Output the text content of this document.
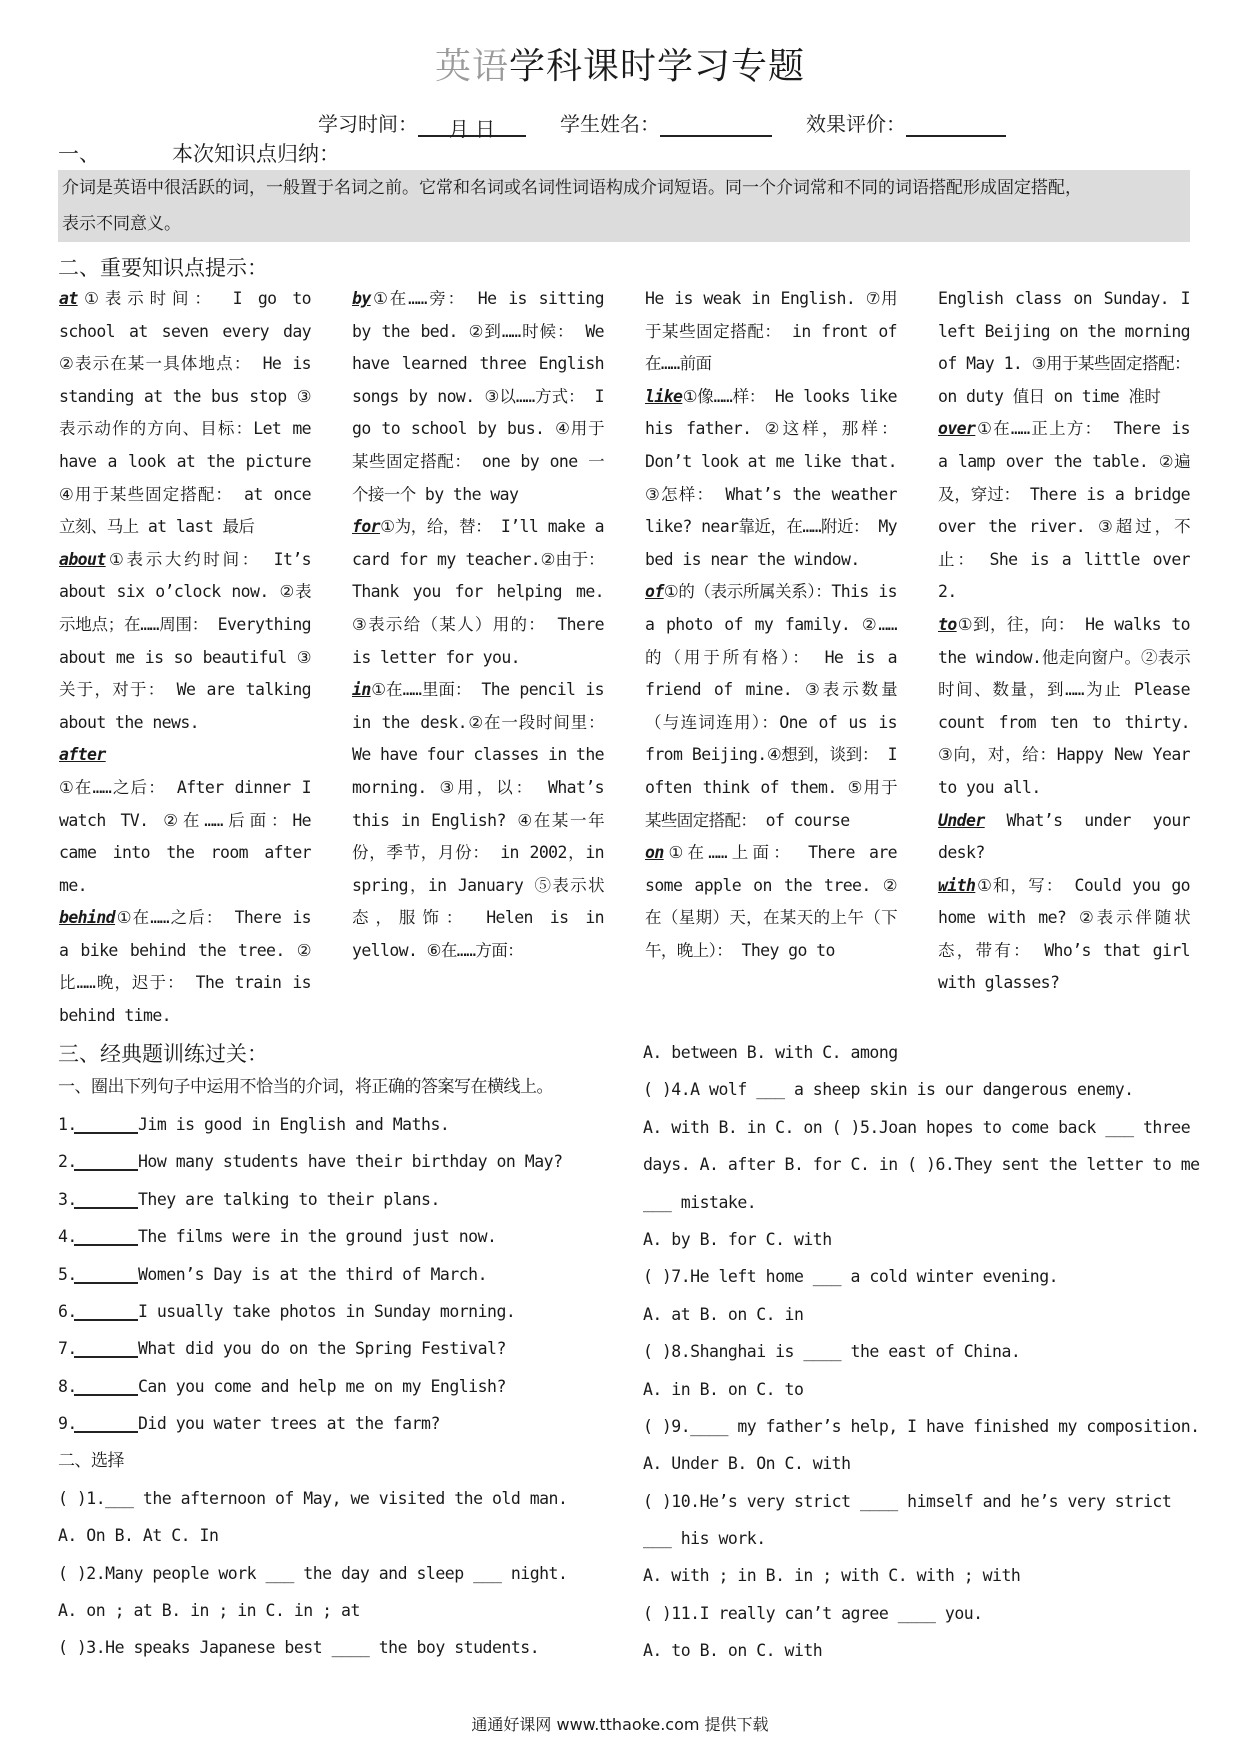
英语学科课时学习专题
学习时间： 月 日	学生姓名：	效果评价：
一、	本次知识点归纳：
介词是英语中很活跃的词，一般置于名词之前。它常和名词或名词性词语构成介词短语。同一个介词常和不同的词语搭配形成固定搭配，
表示不同意义。
二、重要知识点提示：
at①表示时间： I go to school at seven every day ②表示在某一具体地点： He is standing at the bus stop ③表示动作的方向、目标：Let me have a look at the picture ④用于某些固定搭配： at once 立刻、马上 at last 最后
about①表示大约时间： It’s about six o’clock now. ②表示地点；在……周围： Everything about me is so beautiful ③关于，对于： We are talking about the news.
after
①在……之后： After dinner I watch TV. ②在……后面：He came into the room after me.
behind①在……之后： There is a bike behind the tree. ②比……晚，迟于： The train is behind time.
by①在……旁： He is sitting by the bed. ②到……时候： We have learned three English songs by now. ③以……方式： I go to school by bus. ④用于某些固定搭配： one by one 一个接一个 by the way
for①为，给，替： I’ll make a card for my teacher.②由于： Thank you for helping me. ③表示给（某人）用的： There is letter for you.
in①在……里面： The pencil is in the desk.②在一段时间里： We have four classes in the morning. ③用，以： What’s this in English? ④在某一年份，季节，月份： in 2002，in spring，in January ⑤表示状态，服饰： Helen is in yellow. ⑥在……方面：
He is weak in English. ⑦用于某些固定搭配： in front of 在……前面
like①像……样： He looks like his father. ②这样，那样： Don’t look at me like that. ③怎样： What’s the weather like? near靠近，在……附近： My bed is near the window.
of①的（表示所属关系）：This is a photo of my family. ②……的（用于所有格）： He is a friend of mine. ③表示数量（与连词连用）：One of us is from Beijing.④想到，谈到： I often think of them. ⑤用于某些固定搭配： of course
on①在……上面： There are some apple on the tree. ②在（星期）天，在某天的上午（下午，晚上）： They go to
English class on Sunday. I left Beijing on the morning of May 1. ③用于某些固定搭配： on duty 值日 on time 准时
over①在……正上方： There is a lamp over the table. ②遍及，穿过： There is a bridge over the river. ③超过，不止： She is a little over 2.
to①到，往，向： He walks to the window.他走向窗户。②表示时间、数量，到……为止 Please count from ten to thirty. ③向，对，给：Happy New Year to you all.
Under What’s under your desk?
with①和，写： Could you go home with me? ②表示伴随状态，带有： Who’s that girl with glasses?
三、经典题训练过关：
一、圈出下列句子中运用不恰当的介词，将正确的答案写在横线上。
1.	Jim is good in English and Maths.
2.	How many students have their birthday on May?
3.	They are talking to their plans.
4.	The films were in the ground just now.
5.	Women’s Day is at the third of March.
6.	I usually take photos in Sunday morning.
7.	What did you do on the Spring Festival?
8.	Can you come and help me on my English?
9.	Did you water trees at the farm?
二、选择
( )1.___ the afternoon of May, we visited the old man.
A. On B. At C. In
( )2.Many people work ___ the day and sleep ___ night.
A. on ; at B. in ; in C. in ; at
( )3.He speaks Japanese best ____ the boy students.
A. between B. with C. among
( )4.A wolf ___ a sheep skin is our dangerous enemy.
A. with B. in C. on ( )5.Joan hopes to come back ___ three
days. A. after B. for C. in ( )6.They sent the letter to me
___ mistake.
A. by B. for C. with
( )7.He left home ___ a cold winter evening.
A. at B. on C. in
( )8.Shanghai is ____ the east of China.
A. in B. on C. to
( )9.____ my father’s help, I have finished my composition.
A. Under B. On C. with
( )10.He’s very strict ____ himself and he’s very strict
___ his work.
A. with ; in B. in ; with C. with ; with
( )11.I really can’t agree ____ you.
A. to B. on C. with
通通好课网 www.tthaoke.com 提供下载
